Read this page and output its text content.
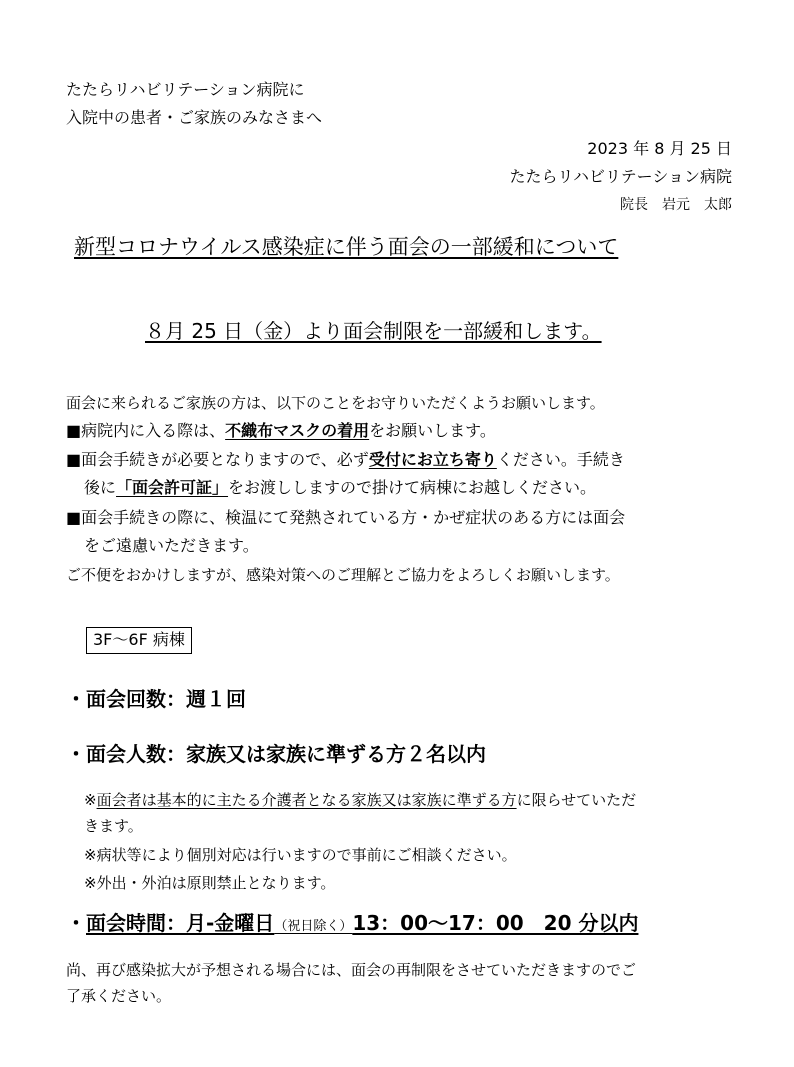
たたらリハビリテーション病院に
入院中の患者・ご家族のみなさまへ
2023 年 8 月 25 日
たたらリハビリテーション病院
院長　岩元　太郎
新型コロナウイルス感染症に伴う面会の一部緩和について
８月 25 日（金）より面会制限を一部緩和します。
面会に来られるご家族の方は、以下のことをお守りいただくようお願いします。
■病院内に入る際は、不織布マスクの着用をお願いします。
■面会手続きが必要となりますので、必ず受付にお立ち寄りください。手続き
後に「面会許可証」をお渡ししますので掛けて病棟にお越しください。
■面会手続きの際に、検温にて発熱されている方・かぜ症状のある方には面会
をご遠慮いただきます。
ご不便をおかけしますが、感染対策へのご理解とご協力をよろしくお願いします。
3F～6F 病棟
・面会回数：週１回
・面会人数：家族又は家族に準ずる方２名以内
※面会者は基本的に主たる介護者となる家族又は家族に準ずる方に限らせていただ
きます。
※病状等により個別対応は行いますので事前にご相談ください。
※外出・外泊は原則禁止となります。
・面会時間：月-金曜日（祝日除く）13：00～17：00　20 分以内
尚、再び感染拡大が予想される場合には、面会の再制限をさせていただきますのでご
了承ください。
